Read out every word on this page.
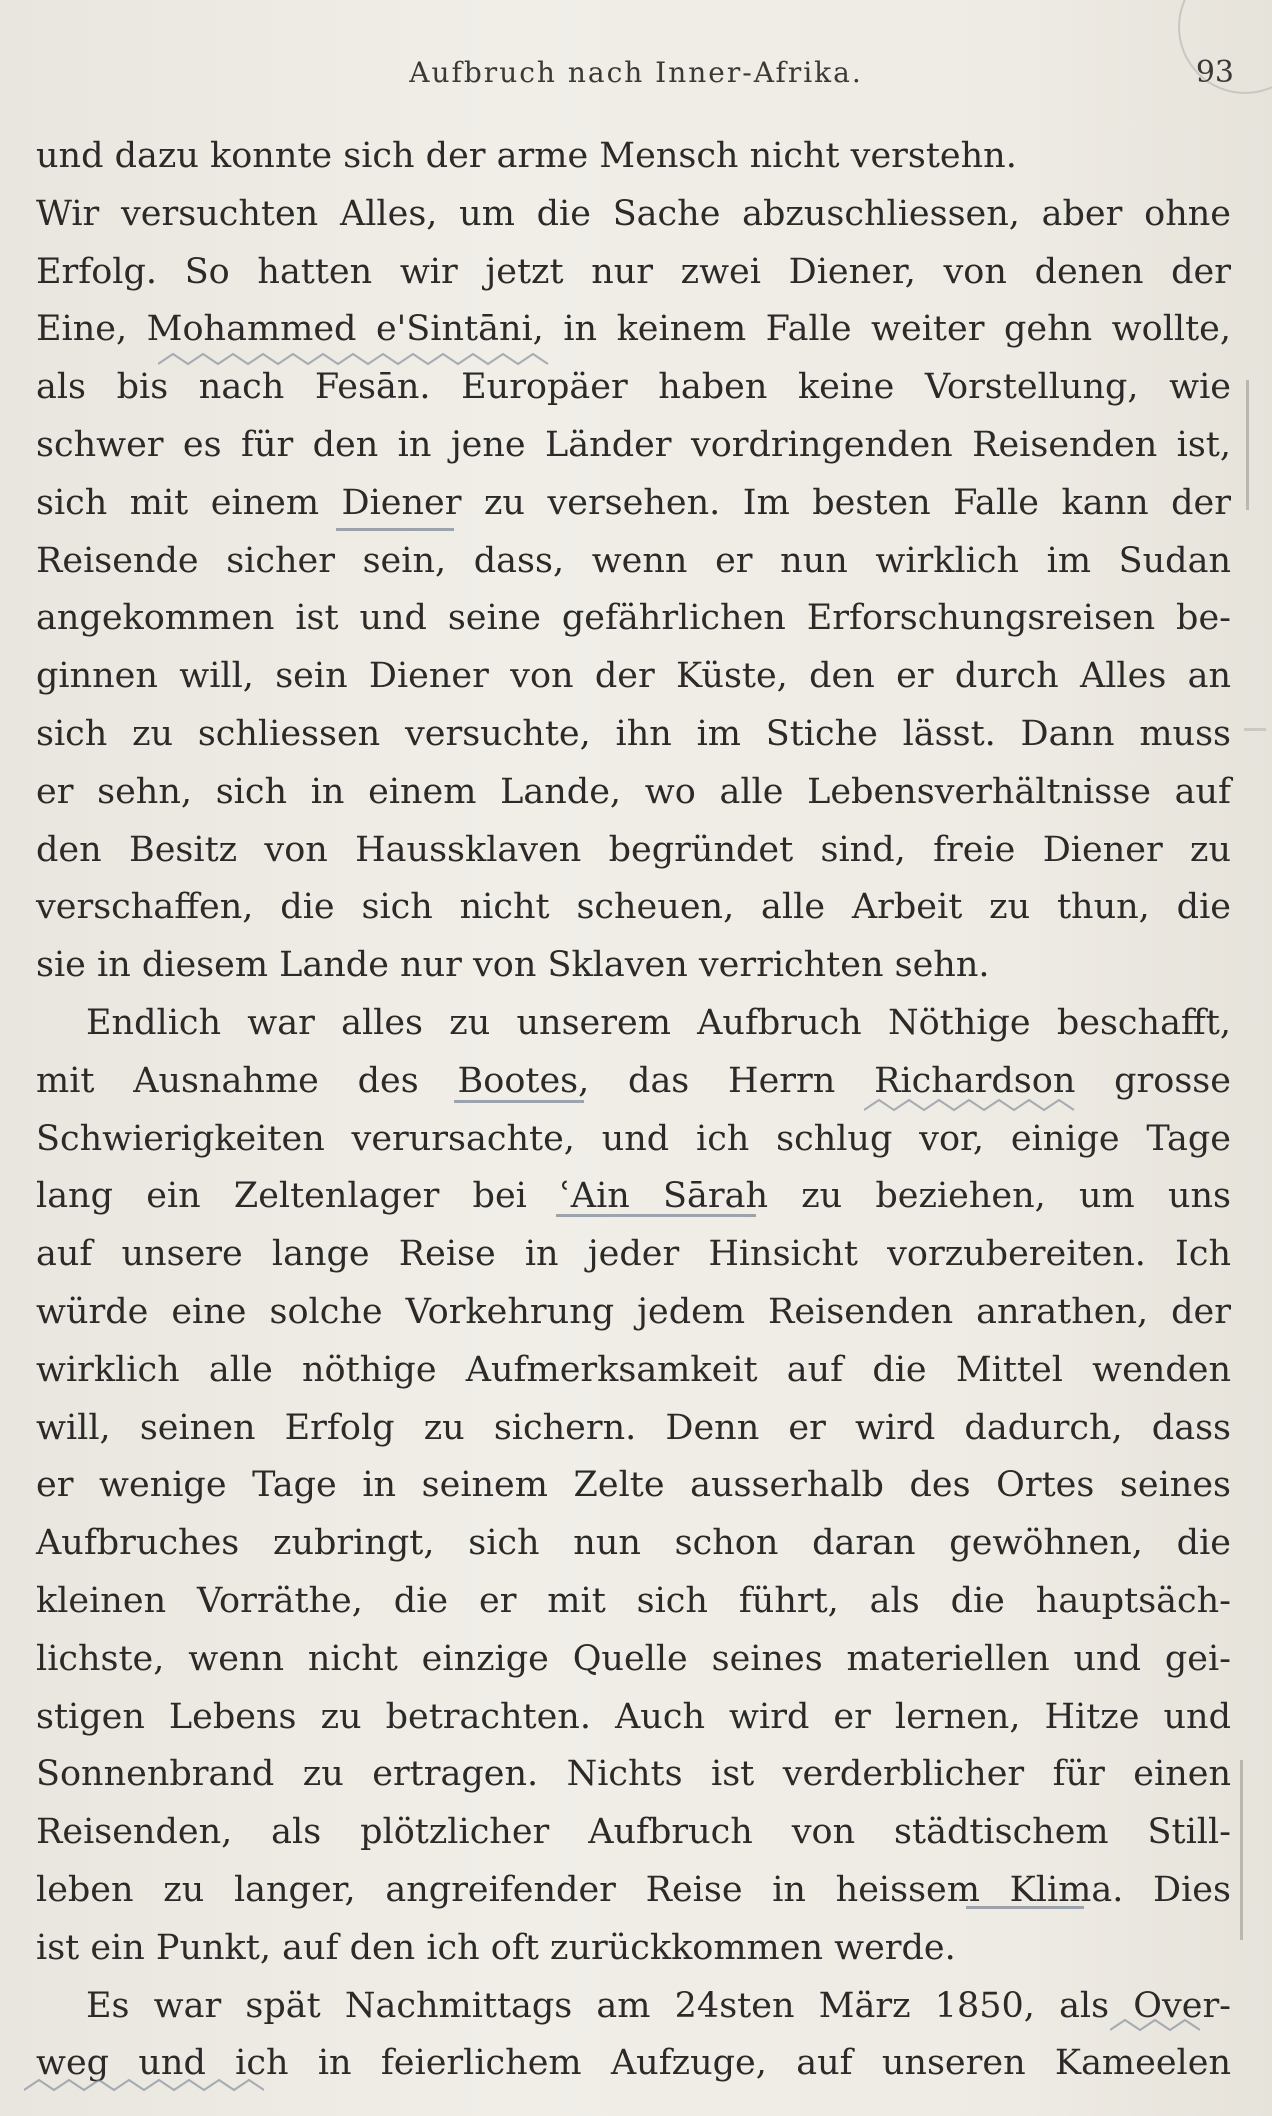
Aufbruch nach Inner-Afrika.	93
und dazu konnte sich der arme Mensch nicht verstehn.
Wir versuchten Alles, um die Sache abzuschliessen, aber ohne
Erfolg. So hatten wir jetzt nur zwei Diener, von denen der
Eine, Mohammed e'Sintāni, in keinem Falle weiter gehn wollte,
als bis nach Fesān. Europäer haben keine Vorstellung, wie
schwer es für den in jene Länder vordringenden Reisenden ist,
sich mit einem Diener zu versehen. Im besten Falle kann der
Reisende sicher sein, dass, wenn er nun wirklich im Sudan
angekommen ist und seine gefährlichen Erforschungsreisen be-
ginnen will, sein Diener von der Küste, den er durch Alles an
sich zu schliessen versuchte, ihn im Stiche lässt. Dann muss
er sehn, sich in einem Lande, wo alle Lebensverhältnisse auf
den Besitz von Haussklaven begründet sind, freie Diener zu
verschaffen, die sich nicht scheuen, alle Arbeit zu thun, die
sie in diesem Lande nur von Sklaven verrichten sehn.
Endlich war alles zu unserem Aufbruch Nöthige beschafft,
mit Ausnahme des Bootes, das Herrn Richardson grosse
Schwierigkeiten verursachte, und ich schlug vor, einige Tage
lang ein Zeltenlager bei ʿAin Sārah zu beziehen, um uns
auf unsere lange Reise in jeder Hinsicht vorzubereiten. Ich
würde eine solche Vorkehrung jedem Reisenden anrathen, der
wirklich alle nöthige Aufmerksamkeit auf die Mittel wenden
will, seinen Erfolg zu sichern. Denn er wird dadurch, dass
er wenige Tage in seinem Zelte ausserhalb des Ortes seines
Aufbruches zubringt, sich nun schon daran gewöhnen, die
kleinen Vorräthe, die er mit sich führt, als die hauptsäch-
lichste, wenn nicht einzige Quelle seines materiellen und gei-
stigen Lebens zu betrachten. Auch wird er lernen, Hitze und
Sonnenbrand zu ertragen. Nichts ist verderblicher für einen
Reisenden, als plötzlicher Aufbruch von städtischem Still-
leben zu langer, angreifender Reise in heissem Klima. Dies
ist ein Punkt, auf den ich oft zurückkommen werde.
Es war spät Nachmittags am 24sten März 1850, als Over-
weg und ich in feierlichem Aufzuge, auf unseren Kameelen
